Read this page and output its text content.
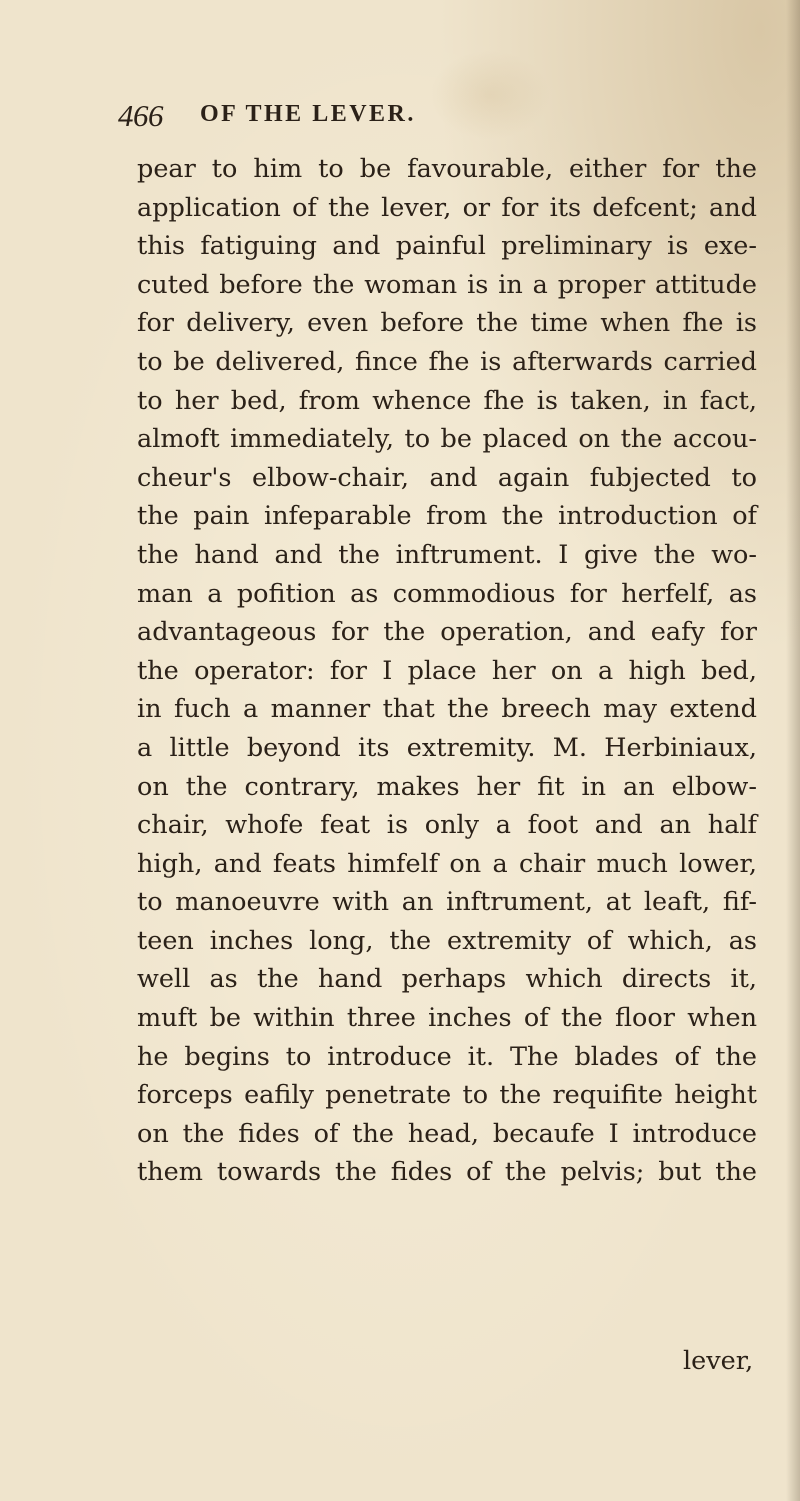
466 OF THE LEVER.
pear to him to be favourable, either for the
application of the lever, or for its defcent; and
this fatiguing and painful preliminary is exe-
cuted before the woman is in a proper attitude
for delivery, even before the time when fhe is
to be delivered, fince fhe is afterwards carried
to her bed, from whence fhe is taken, in fact,
almoft immediately, to be placed on the accou-
cheur's elbow-chair, and again fubjected to
the pain infeparable from the introduction of
the hand and the inftrument. I give the wo-
man a pofition as commodious for herfelf, as
advantageous for the operation, and eafy for
the operator: for I place her on a high bed,
in fuch a manner that the breech may extend
a little beyond its extremity. M. Herbiniaux,
on the contrary, makes her fit in an elbow-
chair, whofe feat is only a foot and an half
high, and feats himfelf on a chair much lower,
to manoeuvre with an inftrument, at leaft, fif-
teen inches long, the extremity of which, as
well as the hand perhaps which directs it,
muft be within three inches of the floor when
he begins to introduce it. The blades of the
forceps eafily penetrate to the requifite height
on the fides of the head, becaufe I introduce
them towards the fides of the pelvis; but the
lever,
